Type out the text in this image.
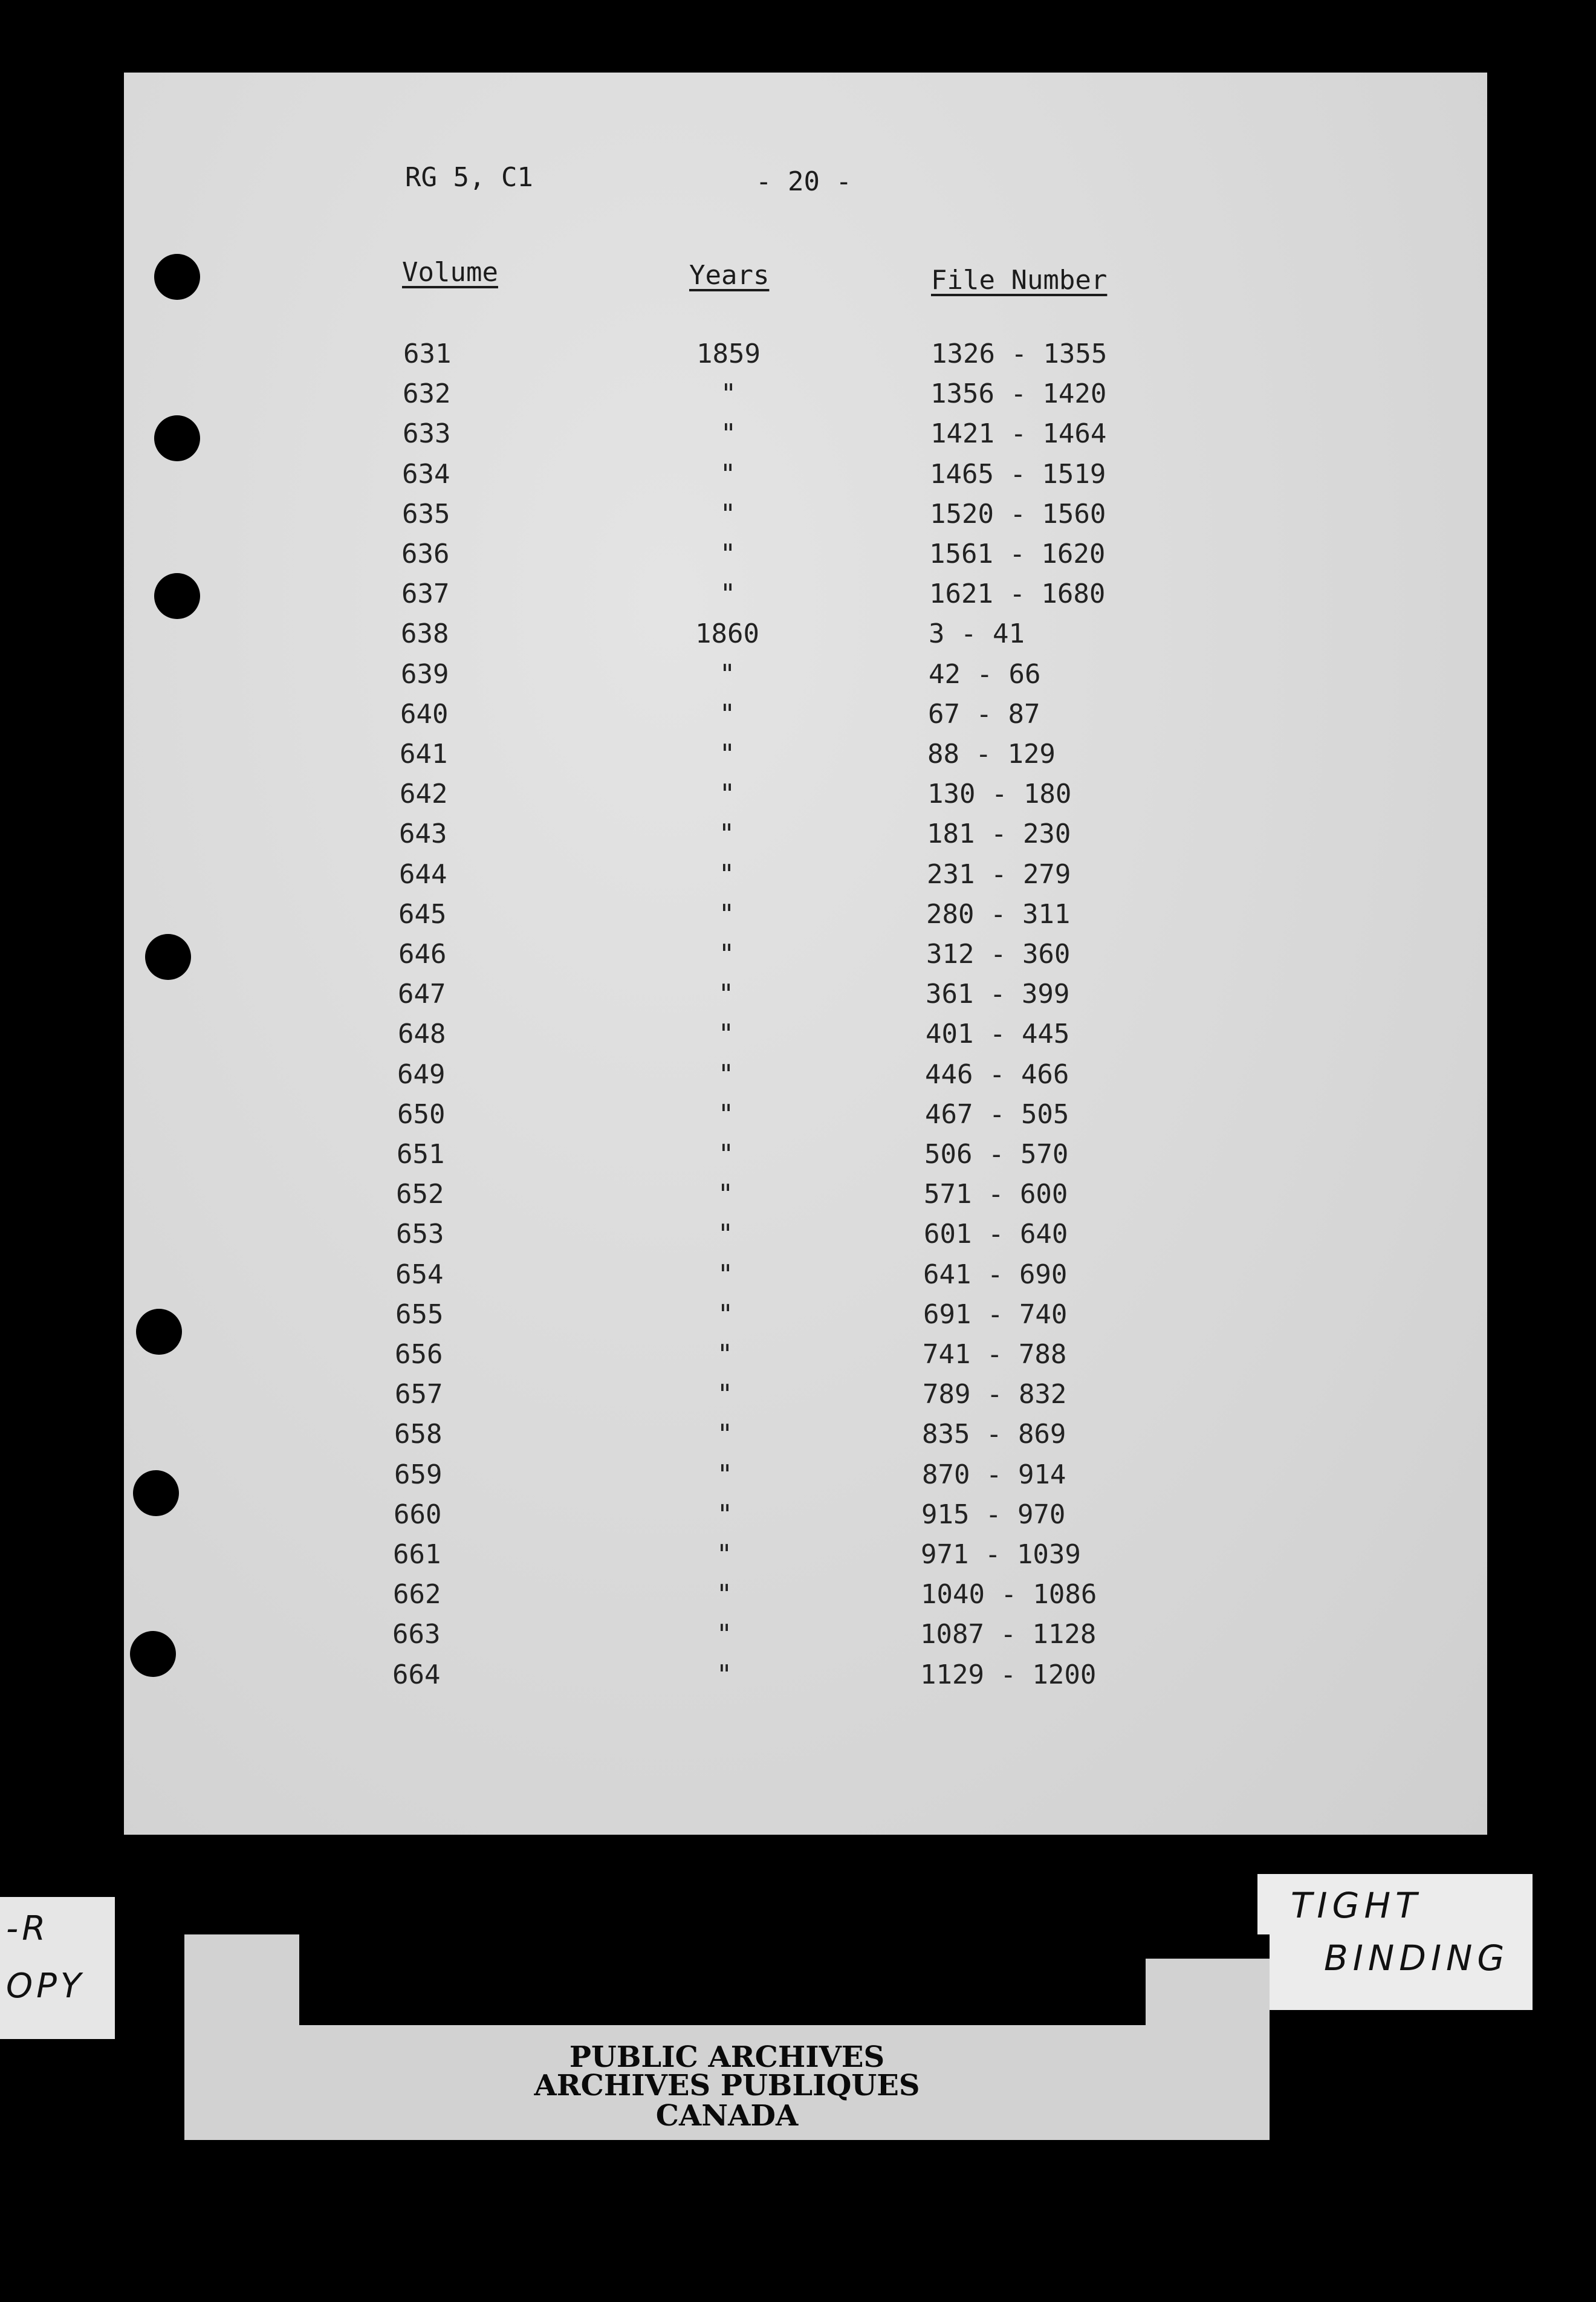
RG 5, C1	- 20 -
Volume	Years	File Number
631	1859	1326 - 1355
632	"	1356 - 1420
633	"	1421 - 1464
634	"	1465 - 1519
635	"	1520 - 1560
636	"	1561 - 1620
637	"	1621 - 1680
638	1860	3 - 41
639	"	42 - 66
640	"	67 - 87
641	"	88 - 129
642	"	130 - 180
643	"	181 - 230
644	"	231 - 279
645	"	280 - 311
646	"	312 - 360
647	"	361 - 399
648	"	401 - 445
649	"	446 - 466
650	"	467 - 505
651	"	506 - 570
652	"	571 - 600
653	"	601 - 640
654	"	641 - 690
655	"	691 - 740
656	"	741 - 788
657	"	789 - 832
658	"	835 - 869
659	"	870 - 914
660	"	915 - 970
661	"	971 - 1039
662	"	1040 - 1086
663	"	1087 - 1128
664	"	1129 - 1200
-R
OPY
TIGHT
BINDING
PUBLIC ARCHIVES
ARCHIVES PUBLIQUES
CANADA
